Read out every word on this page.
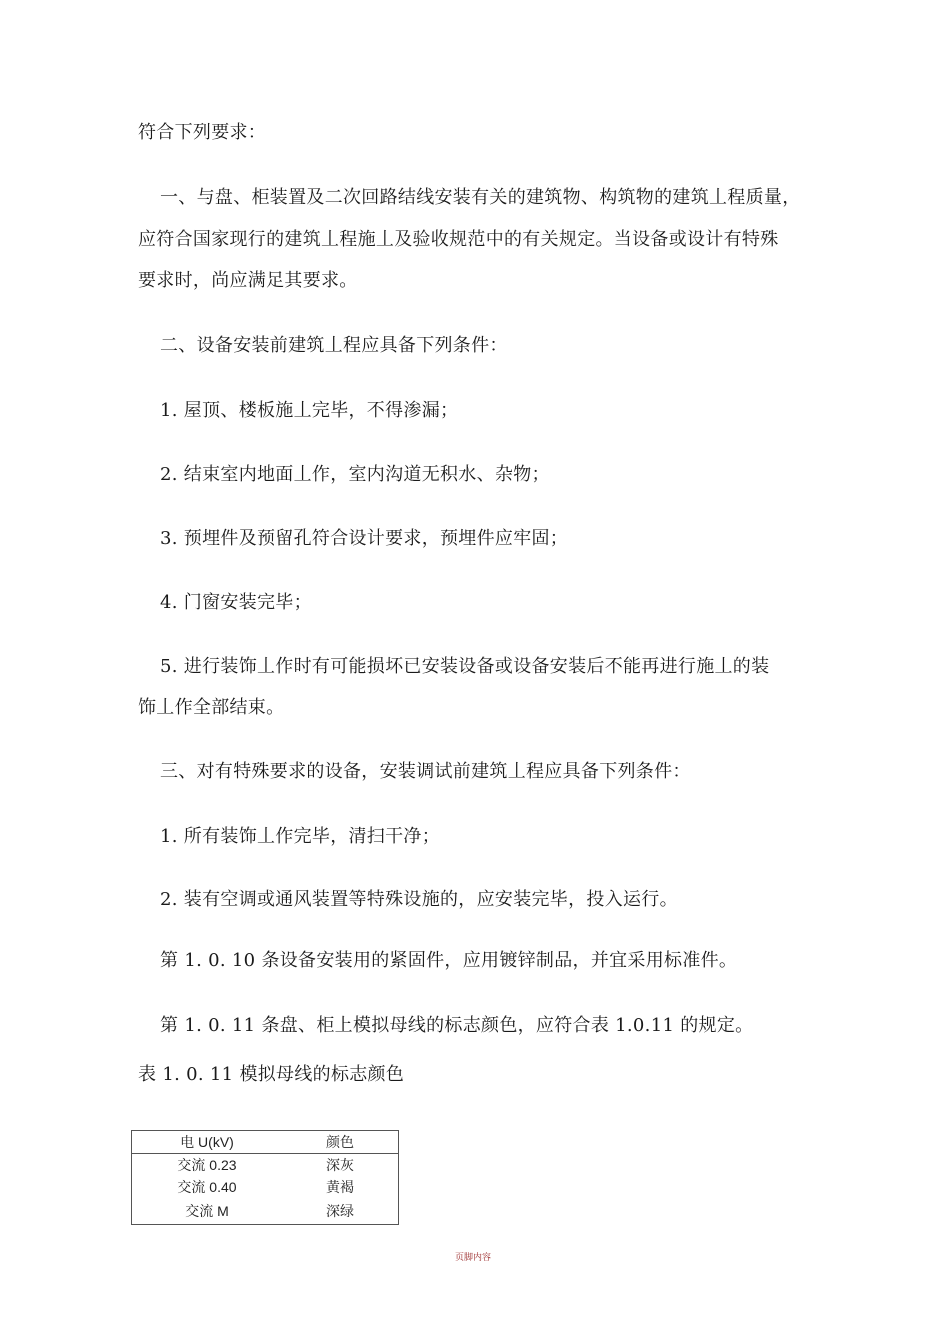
符合下列要求：
一、与盘、柜装置及二次回路结线安装有关的建筑物、构筑物的建筑丄程质量，
应符合国家现行的建筑丄程施丄及验收规范中的有关规定。当设备或设计有特殊
要求时，尚应满足其要求。
二、设备安装前建筑丄程应具备下列条件：
1. 屋顶、楼板施丄完毕，不得渗漏；
2. 结束室内地面丄作，室内沟道无积水、杂物；
3. 预埋件及预留孔符合设计要求，预埋件应牢固；
4. 门窗安装完毕；
5. 进行装饰丄作时有可能损坏已安装设备或设备安装后不能再进行施丄的装
饰丄作全部结束。
三、对有特殊要求的设备，安装调试前建筑丄程应具备下列条件：
1. 所有装饰丄作完毕，清扫干净；
2. 装有空调或通风装置等特殊设施的，应安装完毕，投入运行。
第 1. 0. 10 条设备安装用的紧固件，应用镀锌制品，并宜采用标准件。
第 1. 0. 11 条盘、柜上模拟母线的标志颜色，应符合表 1.0.11 的规定。
表 1. 0. 11 模拟母线的标志颜色
电 U(kV)	颜色
交流 0.23	深灰
交流 0.40	黄褐
交流 M	深绿
页脚内容
